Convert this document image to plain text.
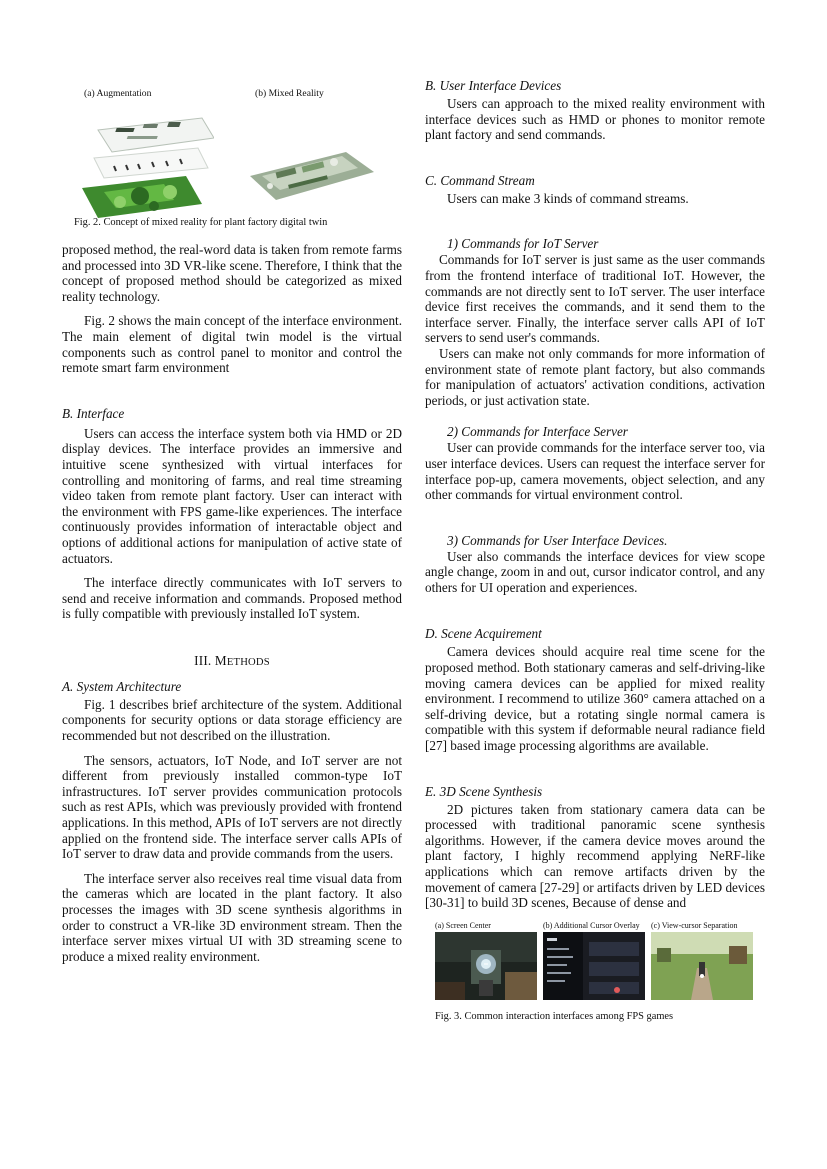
(a) Augmentation	(b) Mixed Reality
Fig. 2. Concept of mixed reality for plant factory digital twin

proposed method, the real-word data is taken from remote farms and processed into 3D VR-like scene. Therefore, I think that the concept of proposed method should be categorized as mixed reality technology.

Fig. 2 shows the main concept of the interface environment. The main element of digital twin model is the virtual components such as control panel to monitor and control the remote smart farm environment

B. Interface

Users can access the interface system both via HMD or 2D display devices. The interface provides an immersive and intuitive scene synthesized with virtual interfaces for controlling and monitoring of farms, and real time streaming video taken from remote plant factory. User can interact with the environment with FPS game-like experiences. The interface continuously provides information of interactable object and options of additional actions for manipulation of active state of actuators.

The interface directly communicates with IoT servers to send and receive information and commands. Proposed method is fully compatible with previously installed IoT system.

III. METHODS
A. System Architecture

Fig. 1 describes brief architecture of the system. Additional components for security options or data storage efficiency are recommended but not described on the illustration.

The sensors, actuators, IoT Node, and IoT server are not different from previously installed common-type IoT infrastructures. IoT server provides communication protocols such as rest APIs, which was previously provided with frontend applications. In this method, APIs of IoT servers are not directly applied on the frontend side. The interface server calls APIs of IoT server to draw data and provide commands from the users.

The interface server also receives real time visual data from the cameras which are located in the plant factory. It also processes the images with 3D scene synthesis algorithms in order to construct a VR-like 3D environment stream. Then the interface server mixes virtual UI with 3D streaming scene to produce a mixed reality environment.

B. User Interface Devices

Users can approach to the mixed reality environment with interface devices such as HMD or phones to monitor remote plant factory and send commands.

C. Command Stream

Users can make 3 kinds of command streams.

1) Commands for IoT Server

Commands for IoT server is just same as the user commands from the frontend interface of traditional IoT. However, the commands are not directly sent to IoT server. The user interface device first receives the commands, and it send them to the interface server. Finally, the interface server calls API of IoT servers to send user's commands.

Users can make not only commands for more information of environment state of remote plant factory, but also commands for manipulation of actuators' activation conditions, activation periods, or just activation state.

2) Commands for Interface Server

User can provide commands for the interface server too, via user interface devices. Users can request the interface server for interface pop-up, camera movements, object selection, and any other commands for virtual environment control.

3) Commands for User Interface Devices.

User also commands the interface devices for view scope angle change, zoom in and out, cursor indicator control, and any others for UI operation and experiences.

D. Scene Acquirement

Camera devices should acquire real time scene for the proposed method. Both stationary cameras and self-driving-like moving camera devices can be applied for mixed reality environment. I recommend to utilize 360° camera attached on a self-driving device, but a rotating single normal camera is compatible with this system if deformable neural radiance field [27] based image processing algorithms are available.

E. 3D Scene Synthesis

2D pictures taken from stationary camera data can be processed with traditional panoramic scene synthesis algorithms. However, if the camera device moves around the plant factory, I highly recommend applying NeRF-like applications which can remove artifacts driven by the movement of camera [27-29] or artifacts driven by LED devices [30-31] to build 3D scenes, Because of dense and

(a) Screen Center	(b) Additional Cursor Overlay (c) View-cursor Separation
Fig. 3. Common interaction interfaces among FPS games
